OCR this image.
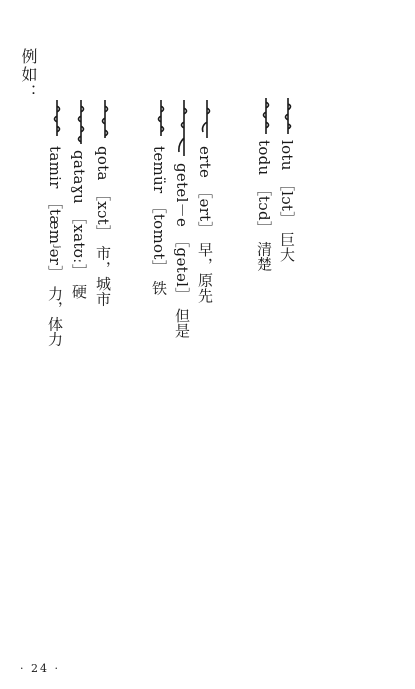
例如：
lotu ［lɔt］ 巨大
todu ［tɔd］ 清楚
erte ［ərt］ 早，原先
getel－e ［gətəl］ 但是
temür ［tomot］ 铁
qota ［xɔt］ 市，城市
qataɣu ［xatʊː］ 硬
tamir ［tæmʲər］ 力，体力
· 24 ·
